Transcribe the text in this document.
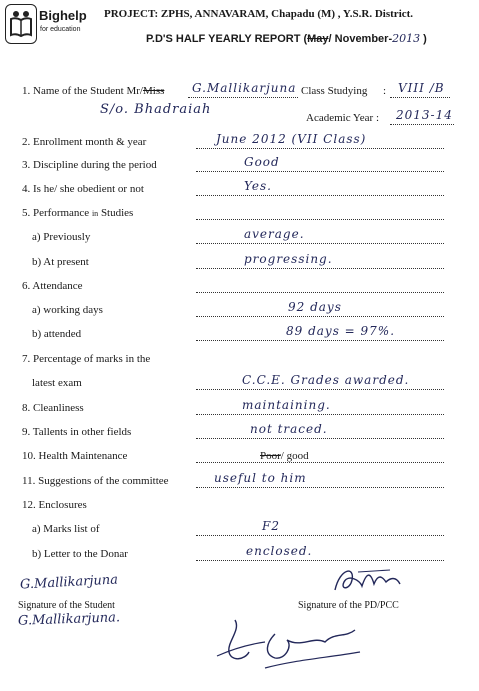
Bighelp
for education
PROJECT: ZPHS, ANNAVARAM, Chapadu (M) , Y.S.R. District.
P.D'S HALF YEARLY REPORT (May/ November-2013 )
1. Name of the Student Mr/Miss G.Mallikarjuna Class Studying : VIII /B
S/o. Bhadraiah
Academic Year : 2013-14
2. Enrollment month & year	June 2012 (VII Class)
3. Discipline during the period	Good
4. Is he/ she obedient or not	Yes.
5. Performance in Studies
a) Previously	average.
b) At present	progressing.
6. Attendance
a) working days	92 days
b) attended	89 days = 97%.
7. Percentage of marks in the
latest exam	C.C.E. Grades awarded.
8. Cleanliness	maintaining.
9. Tallents in other fields	not traced.
10. Health Maintenance	Poor/ good
11. Suggestions of the committee	useful to him
12. Enclosures
a) Marks list of	F2
b) Letter to the Donar	enclosed.
G.Mallikarjuna
Signature of the Student
G.Mallikarjuna.
Signature of the PD/PCC
